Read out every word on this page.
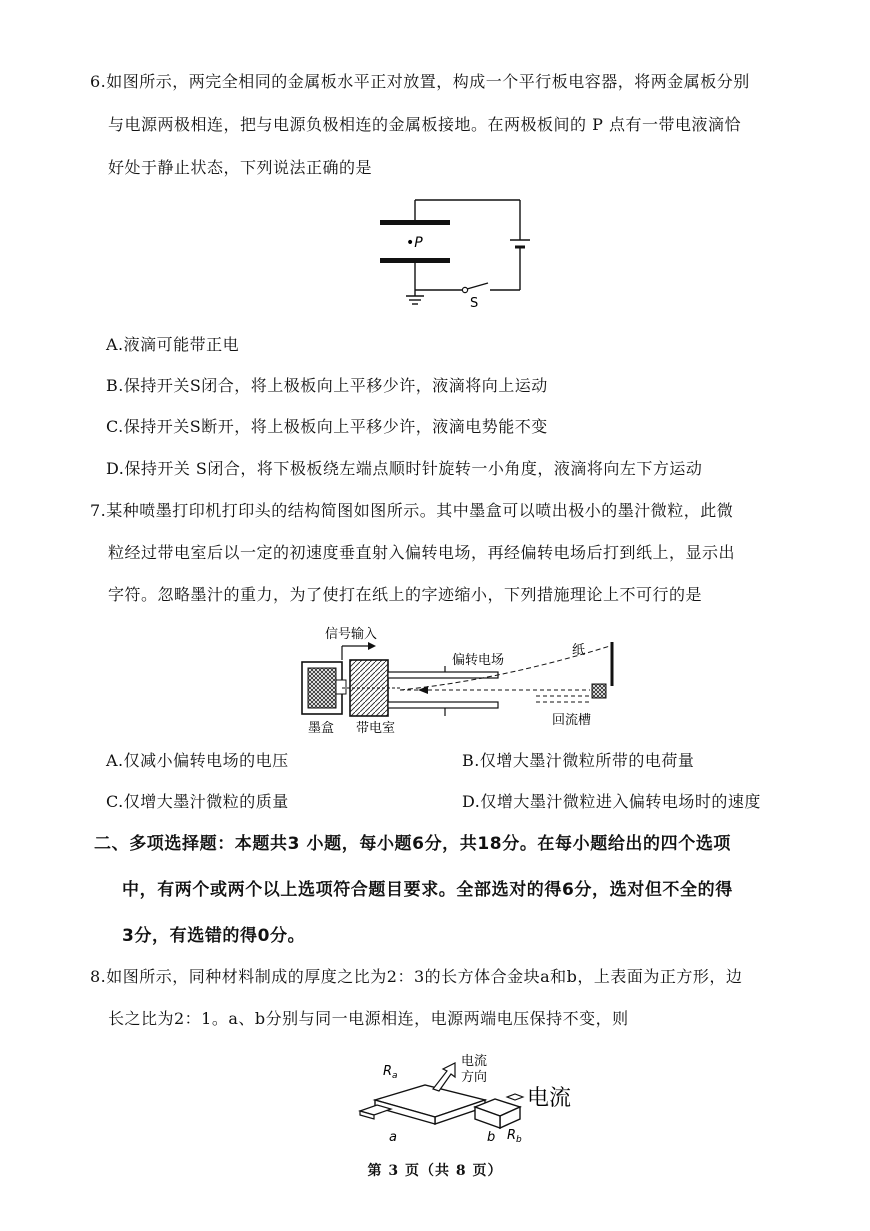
6.如图所示，两完全相同的金属板水平正对放置，构成一个平行板电容器，将两金属板分别
与电源两极相连，把与电源负极相连的金属板接地。在两极板间的 P 点有一带电液滴恰
好处于静止状态，下列说法正确的是
•P
S
A.液滴可能带正电
B.保持开关S闭合，将上极板向上平移少许，液滴将向上运动
C.保持开关S断开，将上极板向上平移少许，液滴电势能不变
D.保持开关 S闭合，将下极板绕左端点顺时针旋转一小角度，液滴将向左下方运动
7.某种喷墨打印机打印头的结构简图如图所示。其中墨盒可以喷出极小的墨汁微粒，此微
粒经过带电室后以一定的初速度垂直射入偏转电场，再经偏转电场后打到纸上，显示出
字符。忽略墨汁的重力，为了使打在纸上的字迹缩小，下列措施理论上不可行的是
信号输入
偏转电场
纸
墨盒 带电室
回流槽
A.仅减小偏转电场的电压	B.仅增大墨汁微粒所带的电荷量
C.仅增大墨汁微粒的质量	D.仅增大墨汁微粒进入偏转电场时的速度
二、多项选择题：本题共3 小题，每小题6分，共18分。在每小题给出的四个选项
中，有两个或两个以上选项符合题目要求。全部选对的得6分，选对但不全的得
3分，有选错的得0分。
8.如图所示，同种材料制成的厚度之比为2：3的长方体合金块a和b，上表面为正方形，边
长之比为2：1。a、b分别与同一电源相连，电源两端电压保持不变，则
$R_a$
电流
方向
电流
a	b $R_b$
第 3 页（共 8 页）
